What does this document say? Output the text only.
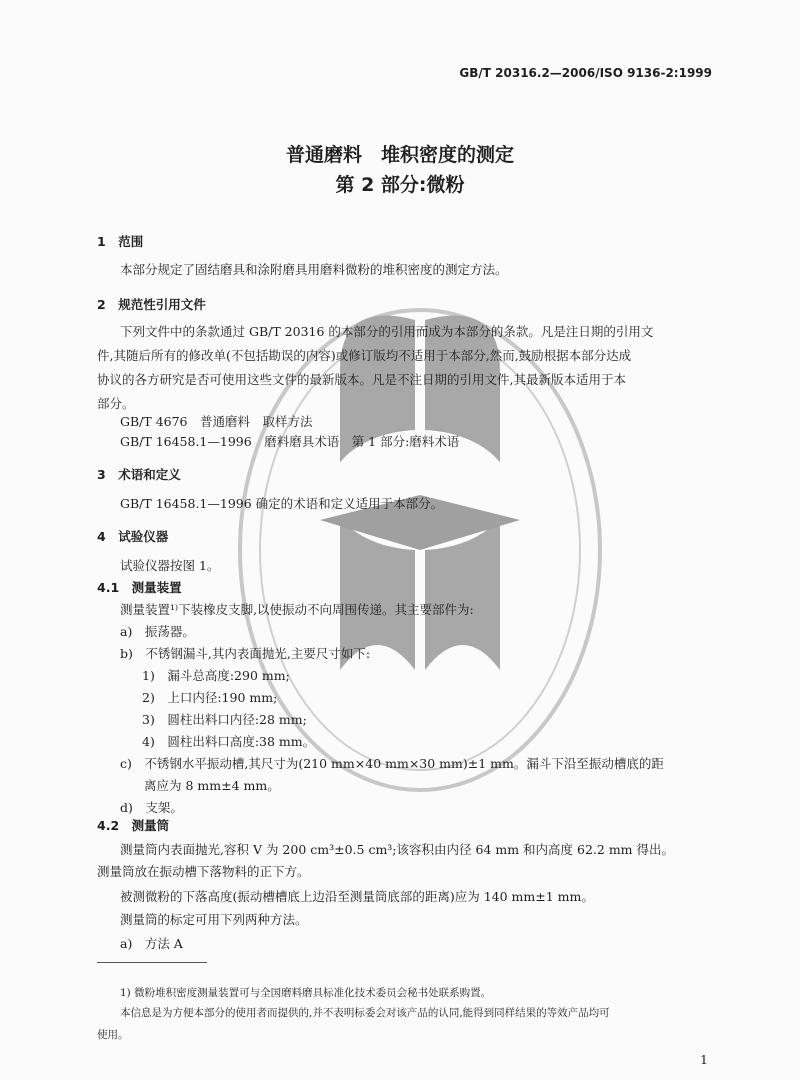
GB/T 20316.2—2006/ISO 9136-2:1999
普通磨料　堆积密度的测定
第 2 部分:微粉
1　范围
本部分规定了固结磨具和涂附磨具用磨料微粉的堆积密度的测定方法。
2　规范性引用文件
下列文件中的条款通过 GB/T 20316 的本部分的引用而成为本部分的条款。凡是注日期的引用文
件,其随后所有的修改单(不包括勘误的内容)或修订版均不适用于本部分,然而,鼓励根据本部分达成
协议的各方研究是否可使用这些文件的最新版本。凡是不注日期的引用文件,其最新版本适用于本
部分。
GB/T 4676　普通磨料　取样方法
GB/T 16458.1—1996　磨料磨具术语　第 1 部分:磨料术语
3　术语和定义
GB/T 16458.1—1996 确定的术语和定义适用于本部分。
4　试验仪器
试验仪器按图 1。
4.1　测量装置
测量装置¹⁾下装橡皮支脚,以使振动不向周围传递。其主要部件为:
a)　振荡器。
b)　不锈钢漏斗,其内表面抛光,主要尺寸如下:
1)　漏斗总高度:290 mm;
2)　上口内径:190 mm;
3)　圆柱出料口内径:28 mm;
4)　圆柱出料口高度:38 mm。
c)　不锈钢水平振动槽,其尺寸为(210 mm×40 mm×30 mm)±1 mm。漏斗下沿至振动槽底的距
离应为 8 mm±4 mm。
d)　支架。
4.2　测量筒
测量筒内表面抛光,容积 V 为 200 cm³±0.5 cm³;该容积由内径 64 mm 和内高度 62.2 mm 得出。
测量筒放在振动槽下落物料的正下方。
被测微粉的下落高度(振动槽槽底上边沿至测量筒底部的距离)应为 140 mm±1 mm。
测量筒的标定可用下列两种方法。
a)　方法 A
1) 微粉堆积密度测量装置可与全国磨料磨具标准化技术委员会秘书处联系购置。
本信息是为方便本部分的使用者而提供的,并不表明标委会对该产品的认同,能得到同样结果的等效产品均可
使用。
1
